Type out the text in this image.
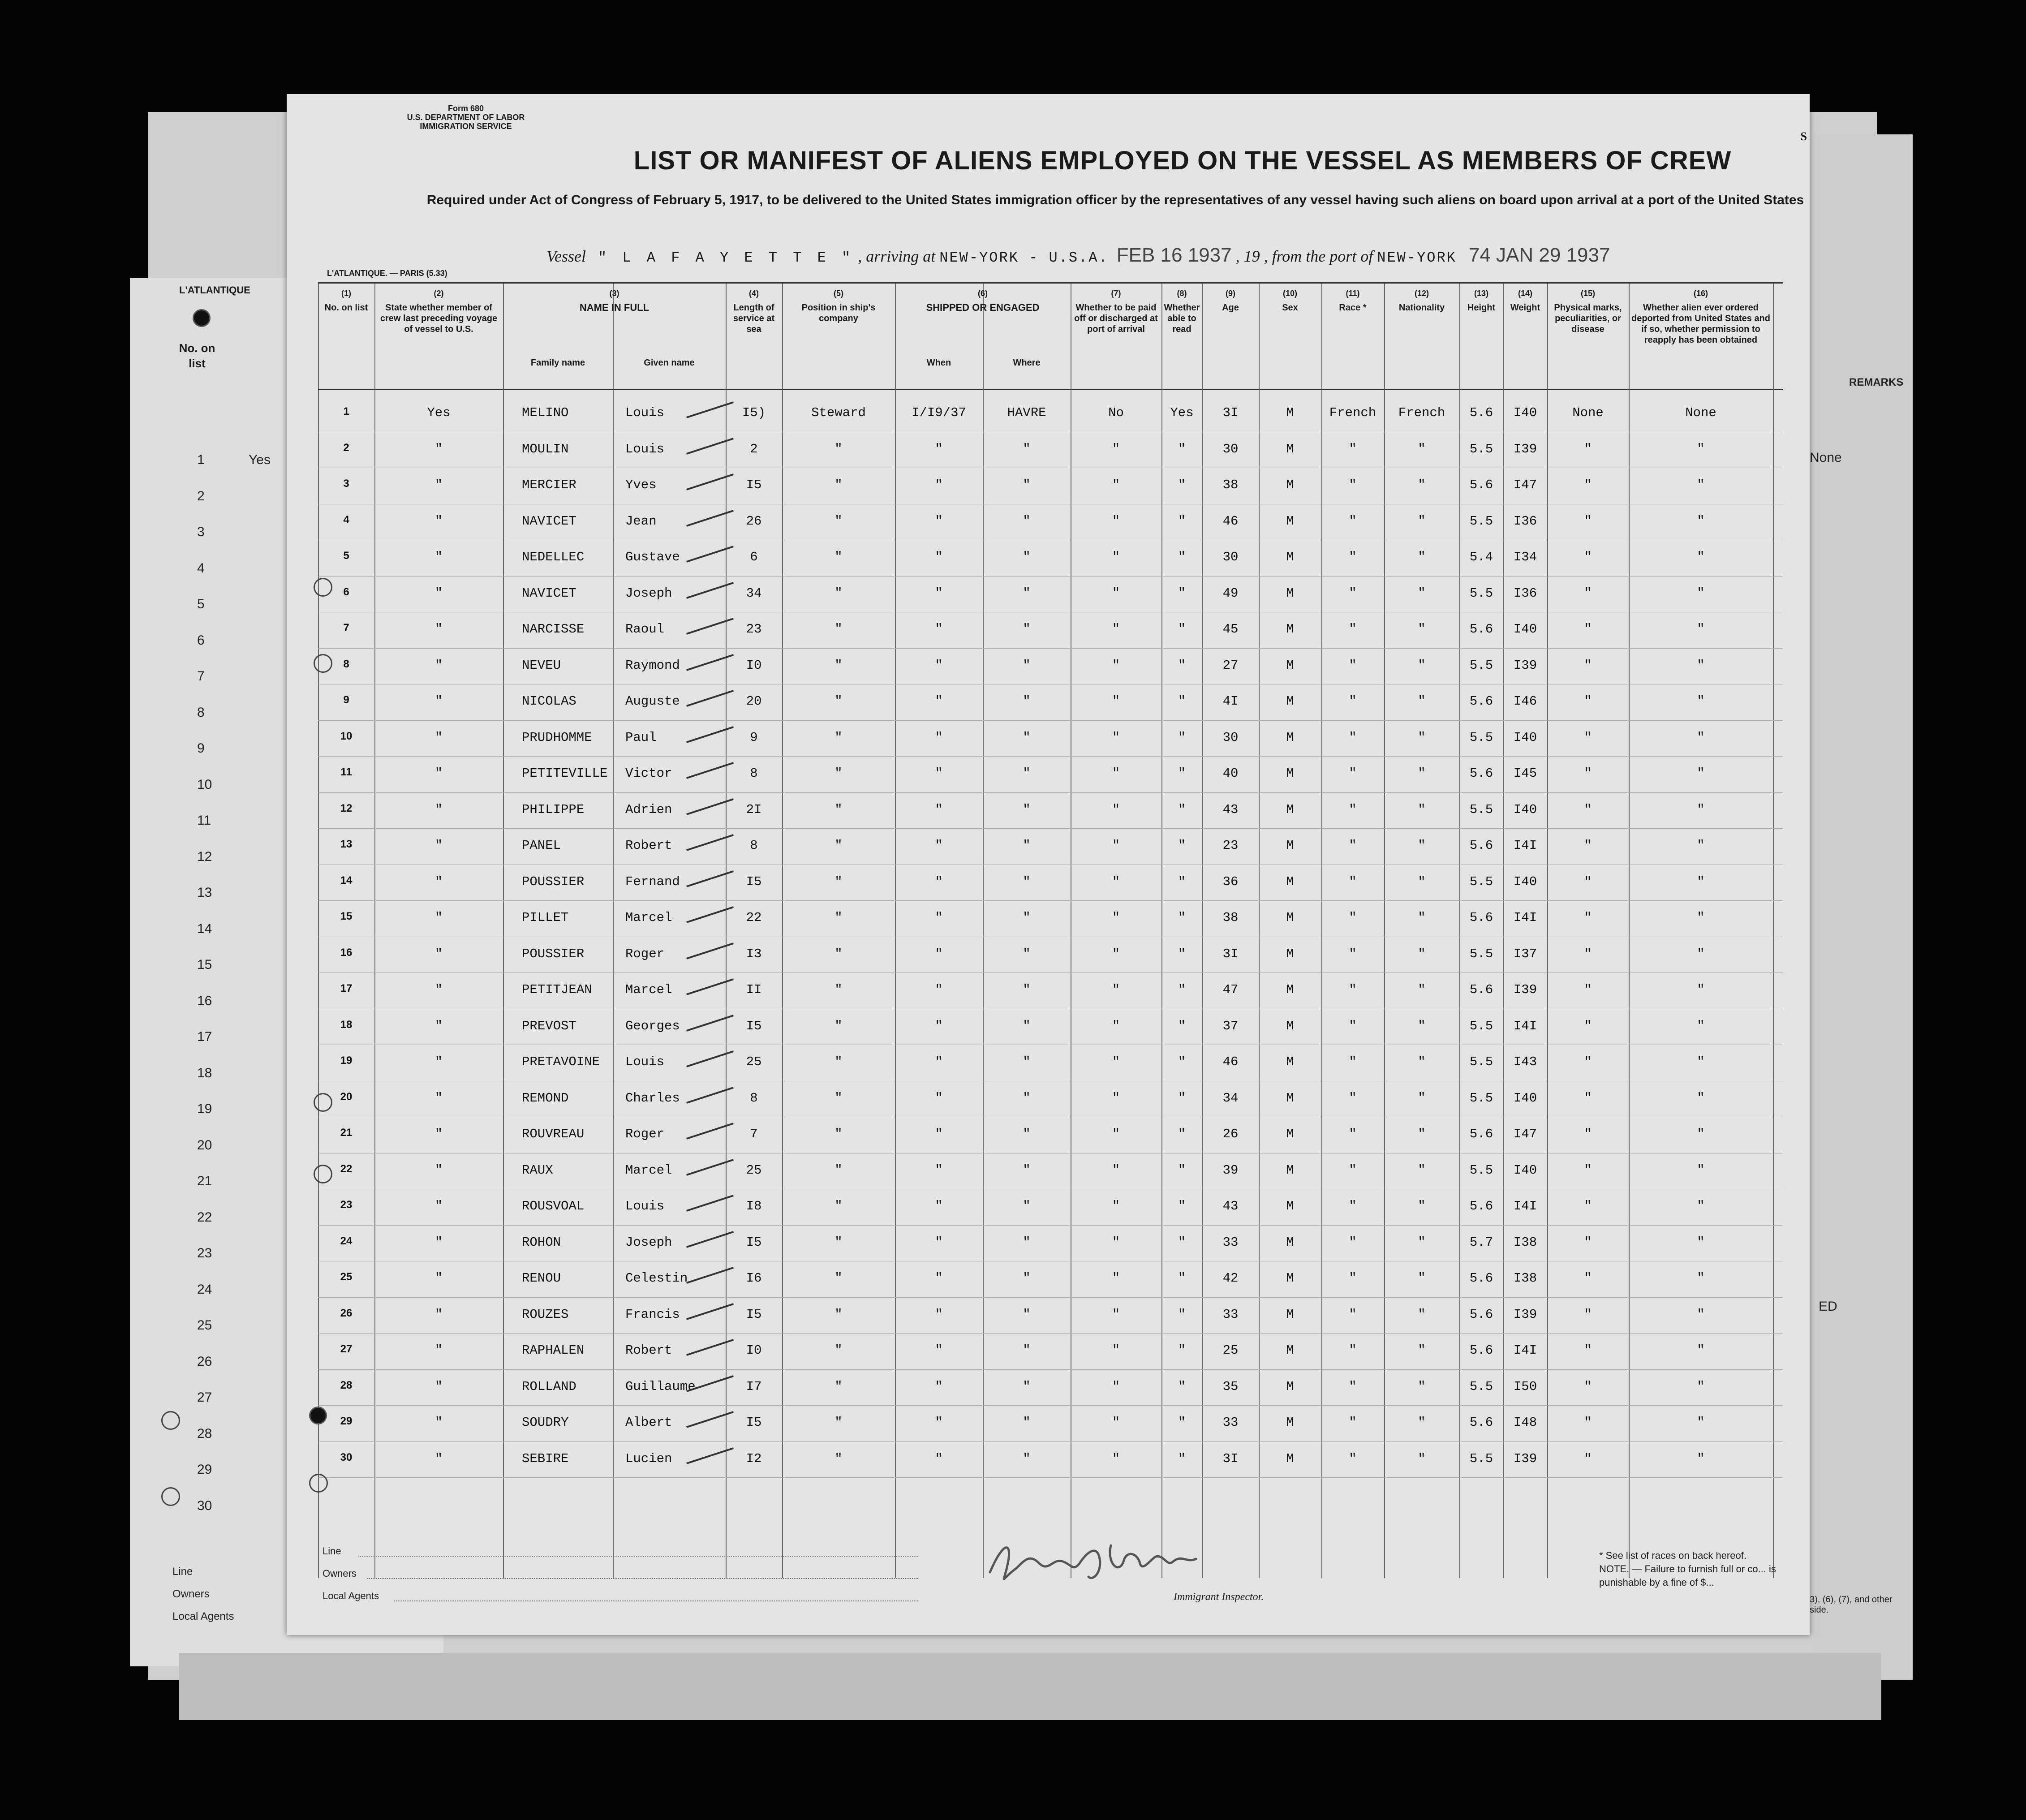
L'ATLANTIQUE
No. on list
1	Yes
2
3
4
5
6
7
8
9
10
11
12
13
14
15
16
17
18
19
20
21
22
23
24
25
26
27
28
29
30
Line
Owners
Local Agents
REMARKS
None
ED
3), (6), (7), and other side.
Form 680
U.S. DEPARTMENT OF LABOR
IMMIGRATION SERVICE
S
LIST OR MANIFEST OF ALIENS EMPLOYED ON THE VESSEL AS MEMBERS OF CREW
Required under Act of Congress of February 5, 1917, to be delivered to the United States immigration officer by the representatives of any vessel having such aliens on board upon arrival at a port of the United States
Vessel " L A F A Y E T T E " , arriving at NEW-YORK - U.S.A. FEB 16 1937 , 19 , from the port of NEW-YORK 74 JAN 29 1937
L'ATLANTIQUE. — PARIS (5.33)
(1)
No. on list
(2)
State whether member of crew last preceding voyage of vessel to U.S.
(3)
NAME IN FULL
(4)
Length of service at sea
(5)
Position in ship's company
(6)
SHIPPED OR ENGAGED
(7)
Whether to be paid off or discharged at port of arrival
(8)
Whether able to read
(9)
Age
(10)
Sex
(11)
Race *
(12)
Nationality
(13)
Height
(14)
Weight
(15)
Physical marks, peculiarities, or disease
(16)
Whether alien ever ordered deported from United States and if so, whether permission to reapply has been obtained
Family name	Given name	When	Where
1	Yes	MELINO	Louis	I5)	Steward	I/I9/37	HAVRE	No	Yes	3I	M	French	French	5.6	I40	None	None
2	"	MOULIN	Louis	2	"	"	"	"	"	30	M	"	"	5.5	I39	"	"
3	"	MERCIER	Yves	I5	"	"	"	"	"	38	M	"	"	5.6	I47	"	"
4	"	NAVICET	Jean	26	"	"	"	"	"	46	M	"	"	5.5	I36	"	"
5	"	NEDELLEC	Gustave	6	"	"	"	"	"	30	M	"	"	5.4	I34	"	"
6	"	NAVICET	Joseph	34	"	"	"	"	"	49	M	"	"	5.5	I36	"	"
7	"	NARCISSE	Raoul	23	"	"	"	"	"	45	M	"	"	5.6	I40	"	"
8	"	NEVEU	Raymond	I0	"	"	"	"	"	27	M	"	"	5.5	I39	"	"
9	"	NICOLAS	Auguste	20	"	"	"	"	"	4I	M	"	"	5.6	I46	"	"
10	"	PRUDHOMME	Paul	9	"	"	"	"	"	30	M	"	"	5.5	I40	"	"
11	"	PETITEVILLE	Victor	8	"	"	"	"	"	40	M	"	"	5.6	I45	"	"
12	"	PHILIPPE	Adrien	2I	"	"	"	"	"	43	M	"	"	5.5	I40	"	"
13	"	PANEL	Robert	8	"	"	"	"	"	23	M	"	"	5.6	I4I	"	"
14	"	POUSSIER	Fernand	I5	"	"	"	"	"	36	M	"	"	5.5	I40	"	"
15	"	PILLET	Marcel	22	"	"	"	"	"	38	M	"	"	5.6	I4I	"	"
16	"	POUSSIER	Roger	I3	"	"	"	"	"	3I	M	"	"	5.5	I37	"	"
17	"	PETITJEAN	Marcel	II	"	"	"	"	"	47	M	"	"	5.6	I39	"	"
18	"	PREVOST	Georges	I5	"	"	"	"	"	37	M	"	"	5.5	I4I	"	"
19	"	PRETAVOINE	Louis	25	"	"	"	"	"	46	M	"	"	5.5	I43	"	"
20	"	REMOND	Charles	8	"	"	"	"	"	34	M	"	"	5.5	I40	"	"
21	"	ROUVREAU	Roger	7	"	"	"	"	"	26	M	"	"	5.6	I47	"	"
22	"	RAUX	Marcel	25	"	"	"	"	"	39	M	"	"	5.5	I40	"	"
23	"	ROUSVOAL	Louis	I8	"	"	"	"	"	43	M	"	"	5.6	I4I	"	"
24	"	ROHON	Joseph	I5	"	"	"	"	"	33	M	"	"	5.7	I38	"	"
25	"	RENOU	Celestin	I6	"	"	"	"	"	42	M	"	"	5.6	I38	"	"
26	"	ROUZES	Francis	I5	"	"	"	"	"	33	M	"	"	5.6	I39	"	"
27	"	RAPHALEN	Robert	I0	"	"	"	"	"	25	M	"	"	5.6	I4I	"	"
28	"	ROLLAND	Guillaume	I7	"	"	"	"	"	35	M	"	"	5.5	I50	"	"
29	"	SOUDRY	Albert	I5	"	"	"	"	"	33	M	"	"	5.6	I48	"	"
30	"	SEBIRE	Lucien	I2	"	"	"	"	"	3I	M	"	"	5.5	I39	"	"
Line
Owners
Local Agents	Immigrant Inspector.
* See list of races on back hereof.
NOTE. — Failure to furnish full or co... is punishable by a fine of $...
